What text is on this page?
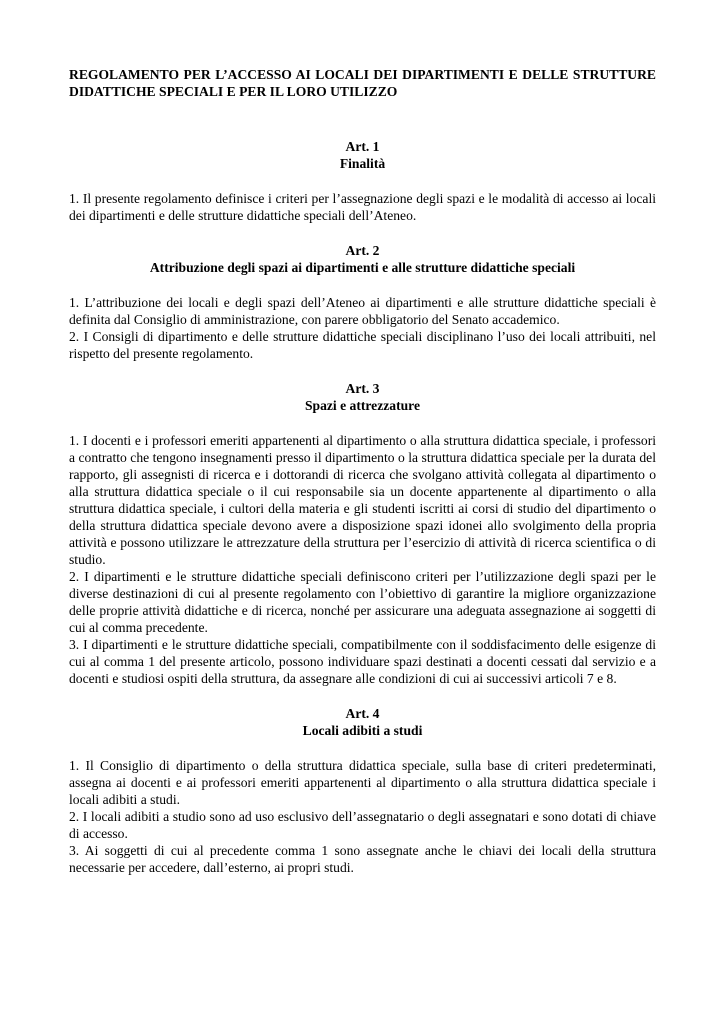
REGOLAMENTO PER L’ACCESSO AI LOCALI DEI DIPARTIMENTI E DELLE STRUTTURE DIDATTICHE SPECIALI E PER IL LORO UTILIZZO
Art. 1
Finalità

1. Il presente regolamento definisce i criteri per l’assegnazione degli spazi e le modalità di accesso ai locali dei dipartimenti e delle strutture didattiche speciali dell’Ateneo.

Art. 2
Attribuzione degli spazi ai dipartimenti e alle strutture didattiche speciali

1. L’attribuzione dei locali e degli spazi dell’Ateneo ai dipartimenti e alle strutture didattiche speciali è definita dal Consiglio di amministrazione, con parere obbligatorio del Senato accademico.

2. I Consigli di dipartimento e delle strutture didattiche speciali disciplinano l’uso dei locali attribuiti, nel rispetto del presente regolamento.

Art. 3
Spazi e attrezzature

1. I docenti e i professori emeriti appartenenti al dipartimento o alla struttura didattica speciale, i professori a contratto che tengono insegnamenti presso il dipartimento o la struttura didattica speciale per la durata del rapporto, gli assegnisti di ricerca e i dottorandi di ricerca che svolgano attività collegata al dipartimento o alla struttura didattica speciale o il cui responsabile sia un docente appartenente al dipartimento o alla struttura didattica speciale, i cultori della materia e gli studenti iscritti ai corsi di studio del dipartimento o della struttura didattica speciale devono avere a disposizione spazi idonei allo svolgimento della propria attività e possono utilizzare le attrezzature della struttura per l’esercizio di attività di ricerca scientifica o di studio.

2. I dipartimenti e le strutture didattiche speciali definiscono criteri per l’utilizzazione degli spazi per le diverse destinazioni di cui al presente regolamento con l’obiettivo di garantire la migliore organizzazione delle proprie attività didattiche e di ricerca, nonché per assicurare una adeguata assegnazione ai soggetti di cui al comma precedente.

3. I dipartimenti e le strutture didattiche speciali, compatibilmente con il soddisfacimento delle esigenze di cui al comma 1 del presente articolo, possono individuare spazi destinati a docenti cessati dal servizio e a docenti e studiosi ospiti della struttura, da assegnare alle condizioni di cui ai successivi articoli 7 e 8.

Art. 4
Locali adibiti a studi

1. Il Consiglio di dipartimento o della struttura didattica speciale, sulla base di criteri predeterminati, assegna ai docenti e ai professori emeriti appartenenti al dipartimento o alla struttura didattica speciale i locali adibiti a studi.

2. I locali adibiti a studio sono ad uso esclusivo dell’assegnatario o degli assegnatari e sono dotati di chiave di accesso.

3. Ai soggetti di cui al precedente comma 1 sono assegnate anche le chiavi dei locali della struttura necessarie per accedere, dall’esterno, ai propri studi.
